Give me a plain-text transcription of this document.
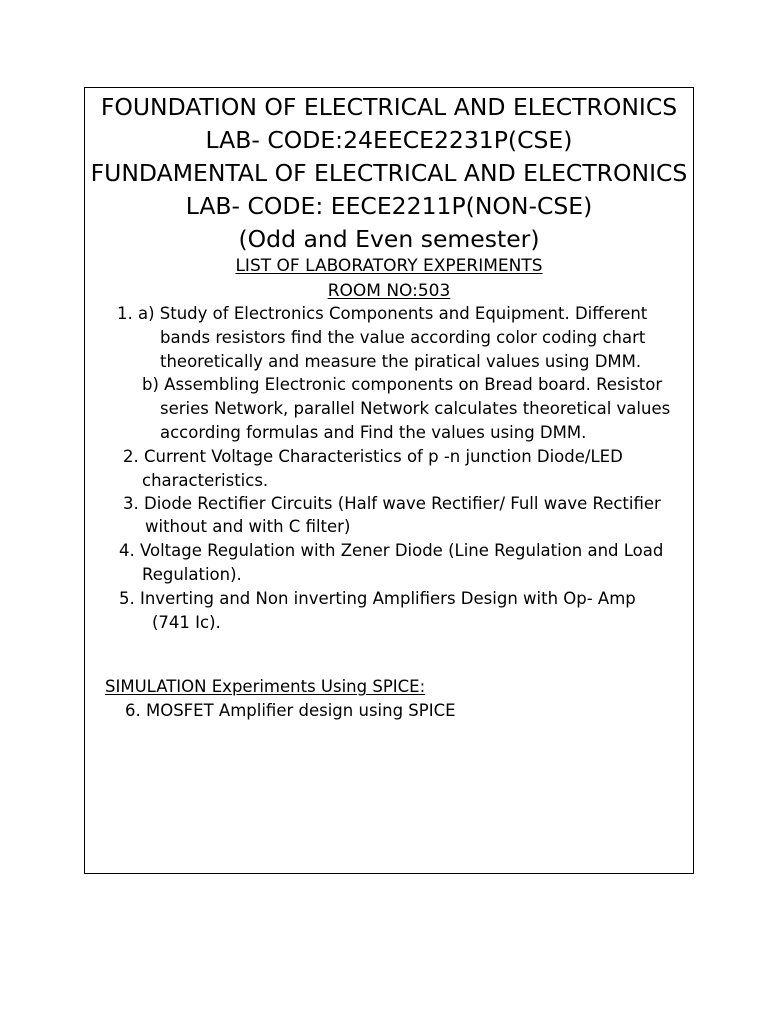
FOUNDATION OF ELECTRICAL AND ELECTRONICS
LAB- CODE:24EECE2231P(CSE)
FUNDAMENTAL OF ELECTRICAL AND ELECTRONICS
LAB- CODE: EECE2211P(NON-CSE)
(Odd and Even semester)
LIST OF LABORATORY EXPERIMENTS
ROOM NO:503
1. a) Study of Electronics Components and Equipment. Different
bands resistors find the value according color coding chart
theoretically and measure the piratical values using DMM.
b) Assembling Electronic components on Bread board. Resistor
series Network, parallel Network calculates theoretical values
according formulas and Find the values using DMM.
2. Current Voltage Characteristics of p -n junction Diode/LED
characteristics.
3. Diode Rectifier Circuits (Half wave Rectifier/ Full wave Rectifier
without and with C filter)
4. Voltage Regulation with Zener Diode (Line Regulation and Load
Regulation).
5. Inverting and Non inverting Amplifiers Design with Op- Amp
(741 Ic).
SIMULATION Experiments Using SPICE:
6. MOSFET Amplifier design using SPICE
